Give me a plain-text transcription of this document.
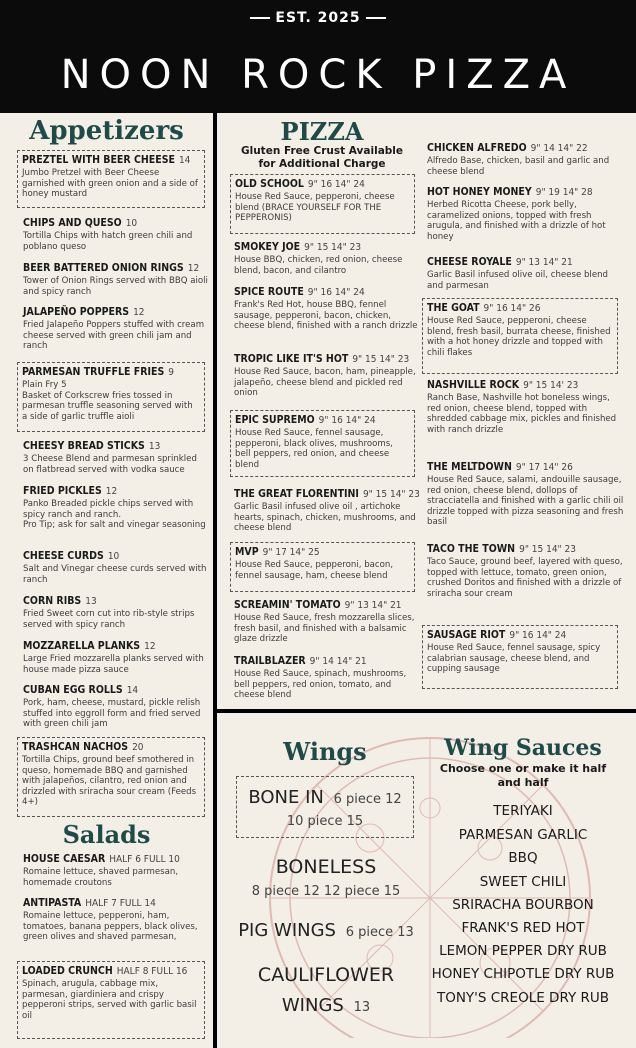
EST. 2025
NOON ROCK PIZZA
Appetizers
PREZTEL WITH BEER CHEESE 14
Jumbo Pretzel with Beer Cheese garnished with green onion and a side of honey mustard
CHIPS AND QUESO 10
Tortilla Chips with hatch green chili and poblano queso
BEER BATTERED ONION RINGS 12
Tower of Onion Rings served with BBQ aioli and spicy ranch
JALAPEÑO POPPERS 12
Fried Jalapeño Poppers stuffed with cream cheese served with green chili jam and ranch
PARMESAN TRUFFLE FRIES 9
Plain Fry 5
Basket of Corkscrew fries tossed in parmesan truffle seasoning served with a side of garlic truffle aioli
CHEESY BREAD STICKS 13
3 Cheese Blend and parmesan sprinkled on flatbread served with vodka sauce
FRIED PICKLES 12
Panko Breaded pickle chips served with spicy ranch and ranch.
Pro Tip; ask for salt and vinegar seasoning
CHEESE CURDS 10
Salt and Vinegar cheese curds served with ranch
CORN RIBS 13
Fried Sweet corn cut into rib-style strips served with spicy ranch
MOZZARELLA PLANKS 12
Large Fried mozzarella planks served with house made pizza sauce
CUBAN EGG ROLLS 14
Pork, ham, cheese, mustard, pickle relish stuffed into eggroll form and fried served with green chili jam
TRASHCAN NACHOS 20
Tortilla Chips, ground beef smothered in queso, homemade BBQ and garnished with jalapeños, cilantro, red onion and drizzled with sriracha sour cream (Feeds 4+)
Salads
HOUSE CAESAR HALF 6 FULL 10
Romaine lettuce, shaved parmesan, homemade croutons
ANTIPASTA HALF 7 FULL 14
Romaine lettuce, pepperoni, ham, tomatoes, banana peppers, black olives, green olives and shaved parmesan,
LOADED CRUNCH HALF 8 FULL 16
Spinach, arugula, cabbage mix, parmesan, giardiniera and crispy pepperoni strips, served with garlic basil oil
PIZZA
Gluten Free Crust Available for Additional Charge
OLD SCHOOL 9" 16 14" 24
House Red Sauce, pepperoni, cheese blend (BRACE YOURSELF FOR THE PEPPERONIS)
SMOKEY JOE 9" 15 14" 23
House BBQ, chicken, red onion, cheese blend, bacon, and cilantro
SPICE ROUTE 9" 16 14" 24
Frank's Red Hot, house BBQ, fennel sausage, pepperoni, bacon, chicken, cheese blend, finished with a ranch drizzle
TROPIC LIKE IT'S HOT 9" 15 14" 23
House Red Sauce, bacon, ham, pineapple, jalapeño, cheese blend and pickled red onion
EPIC SUPREMO 9" 16 14" 24
House Red Sauce, fennel sausage, pepperoni, black olives, mushrooms, bell peppers, red onion, and cheese blend
THE GREAT FLORENTINI 9" 15 14" 23
Garlic Basil infused olive oil , artichoke hearts, spinach, chicken, mushrooms, and cheese blend
MVP 9" 17 14" 25
House Red Sauce, pepperoni, bacon, fennel sausage, ham, cheese blend
SCREAMIN' TOMATO 9" 13 14" 21
House Red Sauce, fresh mozzarella slices, fresh basil, and finished with a balsamic glaze drizzle
TRAILBLAZER 9" 14 14" 21
House Red Sauce, spinach, mushrooms, bell peppers, red onion, tomato, and cheese blend
CHICKEN ALFREDO 9" 14 14" 22
Alfredo Base, chicken, basil and garlic and cheese blend
HOT HONEY MONEY 9" 19 14" 28
Herbed Ricotta Cheese, pork belly, caramelized onions, topped with fresh arugula, and finished with a drizzle of hot honey
CHEESE ROYALE 9" 13 14" 21
Garlic Basil infused olive oil, cheese blend and parmesan
THE GOAT 9" 16 14" 26
House Red Sauce, pepperoni, cheese blend, fresh basil, burrata cheese, finished with a hot honey drizzle and topped with chili flakes
NASHVILLE ROCK 9" 15 14' 23
Ranch Base, Nashville hot boneless wings, red onion, cheese blend, topped with shredded cabbage mix, pickles and finished with ranch drizzle
THE MELTDOWN 9" 17 14" 26
House Red Sauce, salami, andouille sausage, red onion, cheese blend, dollops of stracciatella and finished with a garlic chili oil drizzle topped with pizza seasoning and fresh basil
TACO THE TOWN 9" 15 14" 23
Taco Sauce, ground beef, layered with queso, topped with lettuce, tomato, green onion, crushed Doritos and finished with a drizzle of sriracha sour cream
SAUSAGE RIOT 9" 16 14" 24
House Red Sauce, fennel sausage, spicy calabrian sausage, cheese blend, and cupping sausage
Wings
BONE IN 6 piece 12
10 piece 15
BONELESS
8 piece 12 12 piece 15
PIG WINGS 6 piece 13
CAULIFLOWER
WINGS 13
Wing Sauces
Choose one or make it half and half
TERIYAKI
PARMESAN GARLIC
BBQ
SWEET CHILI
SRIRACHA BOURBON
FRANK'S RED HOT
LEMON PEPPER DRY RUB
HONEY CHIPOTLE DRY RUB
TONY'S CREOLE DRY RUB
